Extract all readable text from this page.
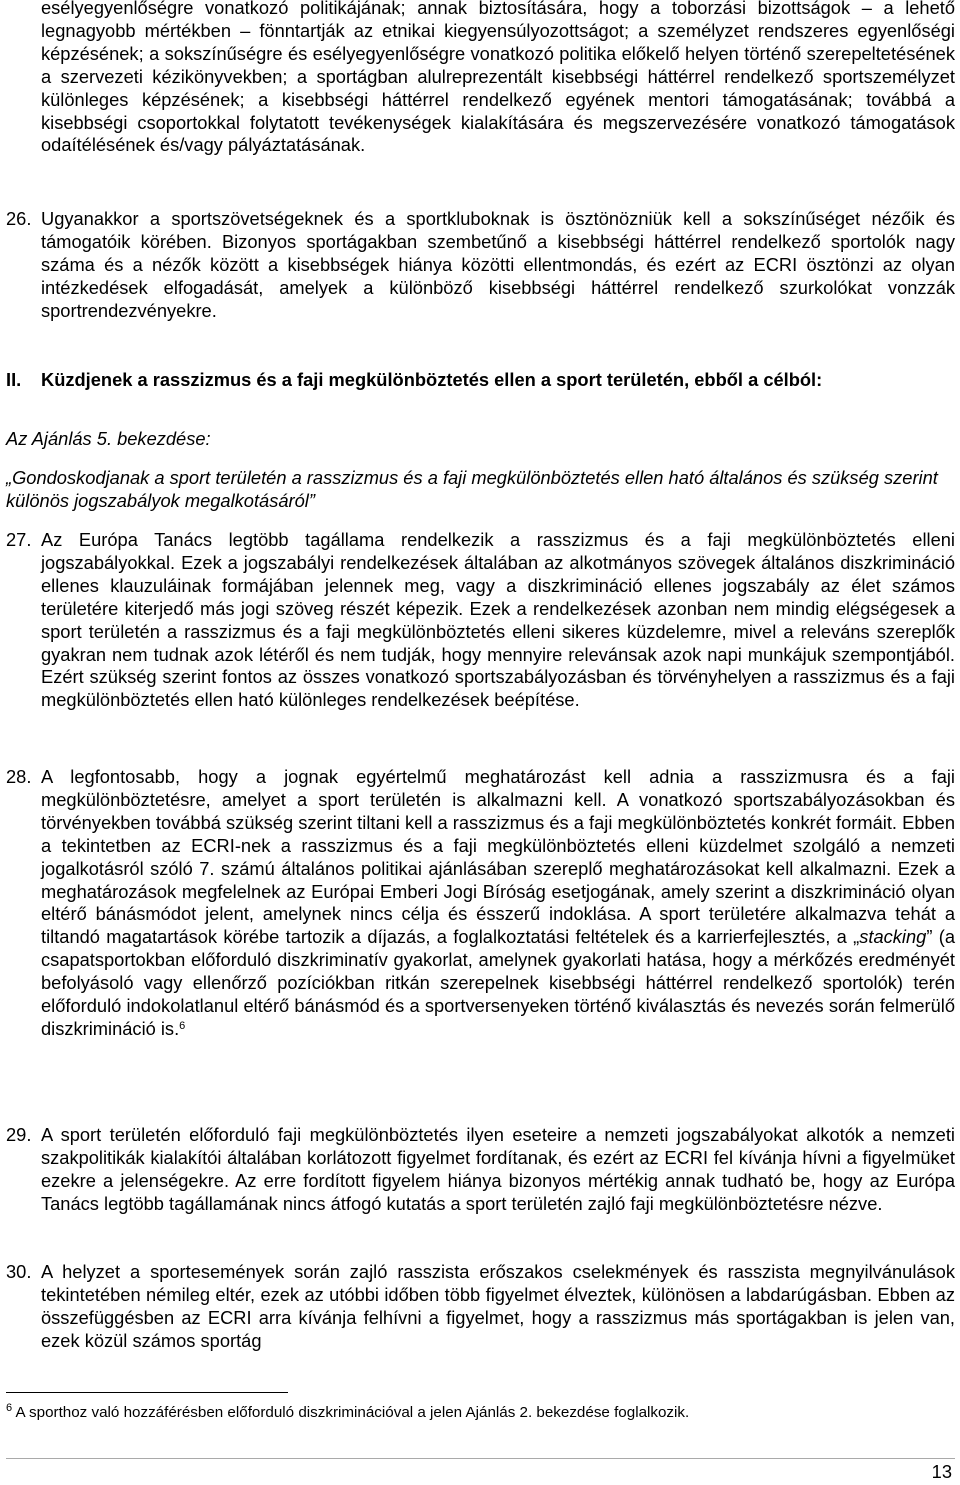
esélyegyenlőségre vonatkozó politikájának; annak biztosítására, hogy a toborzási bizottságok – a lehető legnagyobb mértékben – fönntartják az etnikai kiegyensúlyozottságot; a személyzet rendszeres egyenlőségi képzésének; a sokszínűségre és esélyegyenlőségre vonatkozó politika előkelő helyen történő szerepeltetésének a szervezeti kézikönyvekben; a sportágban alulreprezentált kisebbségi háttérrel rendelkező sportszemélyzet különleges képzésének; a kisebbségi háttérrel rendelkező egyének mentori támogatásának; továbbá a kisebbségi csoportokkal folytatott tevékenységek kialakítására és megszervezésére vonatkozó támogatások odaítélésének és/vagy pályáztatásának.
26. Ugyanakkor a sportszövetségeknek és a sportkluboknak is ösztönözniük kell a sokszínűséget nézőik és támogatóik körében. Bizonyos sportágakban szembetűnő a kisebbségi háttérrel rendelkező sportolók nagy száma és a nézők között a kisebbségek hiánya közötti ellentmondás, és ezért az ECRI ösztönzi az olyan intézkedések elfogadását, amelyek a különböző kisebbségi háttérrel rendelkező szurkolókat vonzzák sportrendezvényekre.
II. Küzdjenek a rasszizmus és a faji megkülönböztetés ellen a sport területén, ebből a célból:
Az Ajánlás 5. bekezdése:
„Gondoskodjanak a sport területén a rasszizmus és a faji megkülönböztetés ellen ható általános és szükség szerint különös jogszabályok megalkotásáról”
27. Az Európa Tanács legtöbb tagállama rendelkezik a rasszizmus és a faji megkülönböztetés elleni jogszabályokkal. Ezek a jogszabályi rendelkezések általában az alkotmányos szövegek általános diszkrimináció ellenes klauzuláinak formájában jelennek meg, vagy a diszkrimináció ellenes jogszabály az élet számos területére kiterjedő más jogi szöveg részét képezik. Ezek a rendelkezések azonban nem mindig elégségesek a sport területén a rasszizmus és a faji megkülönböztetés elleni sikeres küzdelemre, mivel a releváns szereplők gyakran nem tudnak azok létéről és nem tudják, hogy mennyire relevánsak azok napi munkájuk szempontjából. Ezért szükség szerint fontos az összes vonatkozó sportszabályozásban és törvényhelyen a rasszizmus és a faji megkülönböztetés ellen ható különleges rendelkezések beépítése.
28. A legfontosabb, hogy a jognak egyértelmű meghatározást kell adnia a rasszizmusra és a faji megkülönböztetésre, amelyet a sport területén is alkalmazni kell. A vonatkozó sportszabályozásokban és törvényekben továbbá szükség szerint tiltani kell a rasszizmus és a faji megkülönböztetés konkrét formáit. Ebben a tekintetben az ECRI-nek a rasszizmus és a faji megkülönböztetés elleni küzdelmet szolgáló a nemzeti jogalkotásról szóló 7. számú általános politikai ajánlásában szereplő meghatározásokat kell alkalmazni. Ezek a meghatározások megfelelnek az Európai Emberi Jogi Bíróság esetjogának, amely szerint a diszkrimináció olyan eltérő bánásmódot jelent, amelynek nincs célja és ésszerű indoklása. A sport területére alkalmazva tehát a tiltandó magatartások körébe tartozik a díjazás, a foglalkoztatási feltételek és a karrierfejlesztés, a „stacking” (a csapatsportokban előforduló diszkriminatív gyakorlat, amelynek gyakorlati hatása, hogy a mérkőzés eredményét befolyásoló vagy ellenőrző pozíciókban ritkán szerepelnek kisebbségi háttérrel rendelkező sportolók) terén előforduló indokolatlanul eltérő bánásmód és a sportversenyeken történő kiválasztás és nevezés során felmerülő diszkrimináció is.$^6$
29. A sport területén előforduló faji megkülönböztetés ilyen eseteire a nemzeti jogszabályokat alkotók a nemzeti szakpolitikák kialakítói általában korlátozott figyelmet fordítanak, és ezért az ECRI fel kívánja hívni a figyelmüket ezekre a jelenségekre. Az erre fordított figyelem hiánya bizonyos mértékig annak tudható be, hogy az Európa Tanács legtöbb tagállamának nincs átfogó kutatás a sport területén zajló faji megkülönböztetésre nézve.
30. A helyzet a sportesemények során zajló rasszista erőszakos cselekmények és rasszista megnyilvánulások tekintetében némileg eltér, ezek az utóbbi időben több figyelmet élveztek, különösen a labdarúgásban. Ebben az összefüggésben az ECRI arra kívánja felhívni a figyelmet, hogy a rasszizmus más sportágakban is jelen van, ezek közül számos sportág
$^6$ A sporthoz való hozzáférésben előforduló diszkriminációval a jelen Ajánlás 2. bekezdése foglalkozik.
13
